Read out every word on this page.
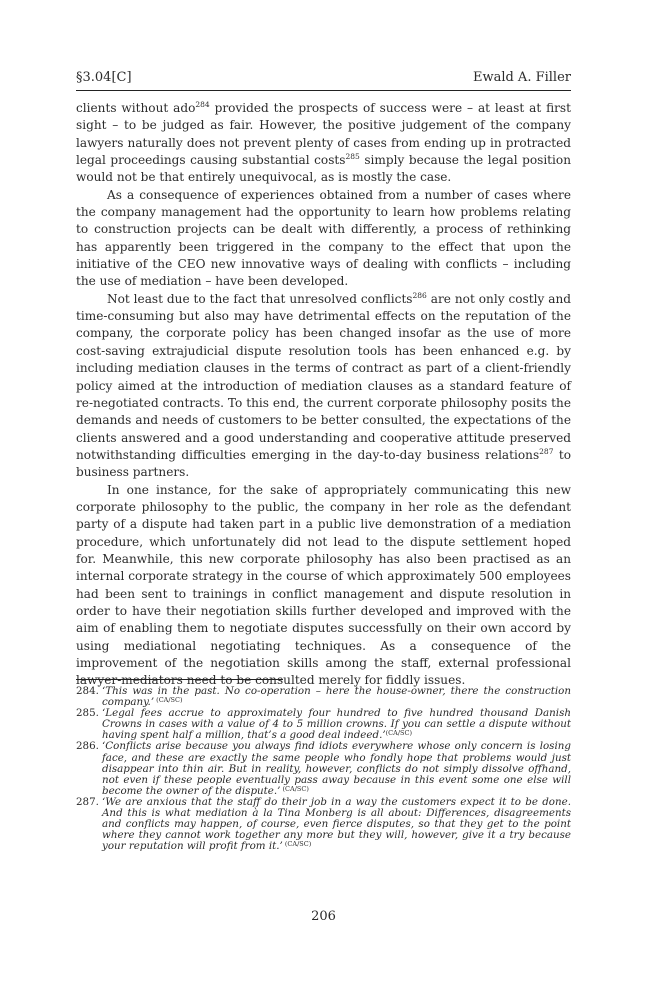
§3.04[C]	Ewald A. Filler

clients without ado$^{284}$ provided the prospects of success were – at least at first sight – to be judged as fair. However, the positive judgement of the company lawyers naturally does not prevent plenty of cases from ending up in protracted legal proceedings causing substantial costs$^{285}$ simply because the legal position would not be that entirely unequivocal, as is mostly the case.

As a consequence of experiences obtained from a number of cases where the company management had the opportunity to learn how problems relating to construction projects can be dealt with differently, a process of rethinking has apparently been triggered in the company to the effect that upon the initiative of the CEO new innovative ways of dealing with conflicts – including the use of mediation – have been developed.

Not least due to the fact that unresolved conflicts$^{286}$ are not only costly and time-consuming but also may have detrimental effects on the reputation of the company, the corporate policy has been changed insofar as the use of more cost-saving extrajudicial dispute resolution tools has been enhanced e.g. by including mediation clauses in the terms of contract as part of a client-friendly policy aimed at the introduction of mediation clauses as a standard feature of re-negotiated contracts. To this end, the current corporate philosophy posits the demands and needs of customers to be better consulted, the expectations of the clients answered and a good understanding and cooperative attitude preserved notwithstanding difficulties emerging in the day-to-day business relations$^{287}$ to business partners.

In one instance, for the sake of appropriately communicating this new corporate philosophy to the public, the company in her role as the defendant party of a dispute had taken part in a public live demonstration of a mediation procedure, which unfortunately did not lead to the dispute settlement hoped for. Meanwhile, this new corporate philosophy has also been practised as an internal corporate strategy in the course of which approximately 500 employees had been sent to trainings in conflict management and dispute resolution in order to have their negotiation skills further developed and improved with the aim of enabling them to negotiate disputes successfully on their own accord by using mediational negotiating techniques. As a consequence of the improvement of the negotiation skills among the staff, external professional lawyer-mediators need to be consulted merely for fiddly issues.

284. ‘This was in the past. No co-operation – here the house-owner, there the construction company.’ $^{(CA/SC)}$
285. ‘Legal fees accrue to approximately four hundred to five hundred thousand Danish Crowns in cases with a value of 4 to 5 million crowns. If you can settle a dispute without having spent half a million, that’s a good deal indeed.’$^{(CA/SC)}$
286. ‘Conflicts arise because you always find idiots everywhere whose only concern is losing face, and these are exactly the same people who fondly hope that problems would just disappear into thin air. But in reality, however, conflicts do not simply dissolve offhand, not even if these people eventually pass away because in this event some one else will become the owner of the dispute.’ $^{(CA/SC)}$
287. ‘We are anxious that the staff do their job in a way the customers expect it to be done. And this is what mediation à la Tina Monberg is all about: Differences, disagreements and conflicts may happen, of course, even fierce disputes, so that they get to the point where they cannot work together any more but they will, however, give it a try because your reputation will profit from it.’ $^{(CA/SC)}$
206
